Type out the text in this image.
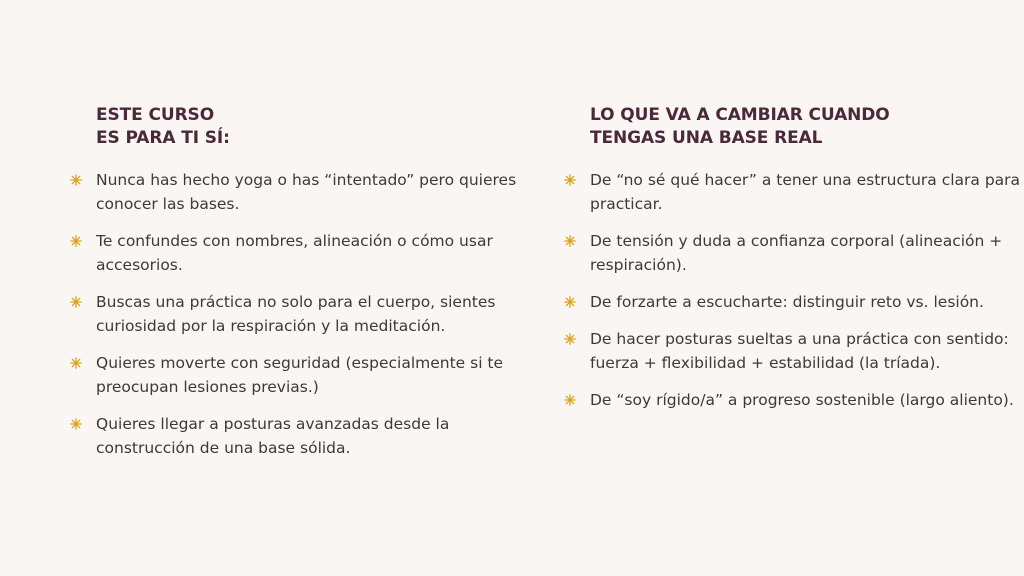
ESTE CURSO
ES PARA TI SÍ:
Nunca has hecho yoga o has “intentado” pero quieres conocer las bases.
Te confundes con nombres, alineación o cómo usar accesorios.
Buscas una práctica no solo para el cuerpo, sientes curiosidad por la respiración y la meditación.
Quieres moverte con seguridad (especialmente si te preocupan lesiones previas.)
Quieres llegar a posturas avanzadas desde la construcción de una base sólida.
LO QUE VA A CAMBIAR CUANDO
TENGAS UNA BASE REAL
De “no sé qué hacer” a tener una estructura clara para practicar.
De tensión y duda a confianza corporal (alineación + respiración).
De forzarte a escucharte: distinguir reto vs. lesión.
De hacer posturas sueltas a una práctica con sentido: fuerza + flexibilidad + estabilidad (la tríada).
De “soy rígido/a” a progreso sostenible (largo aliento).
